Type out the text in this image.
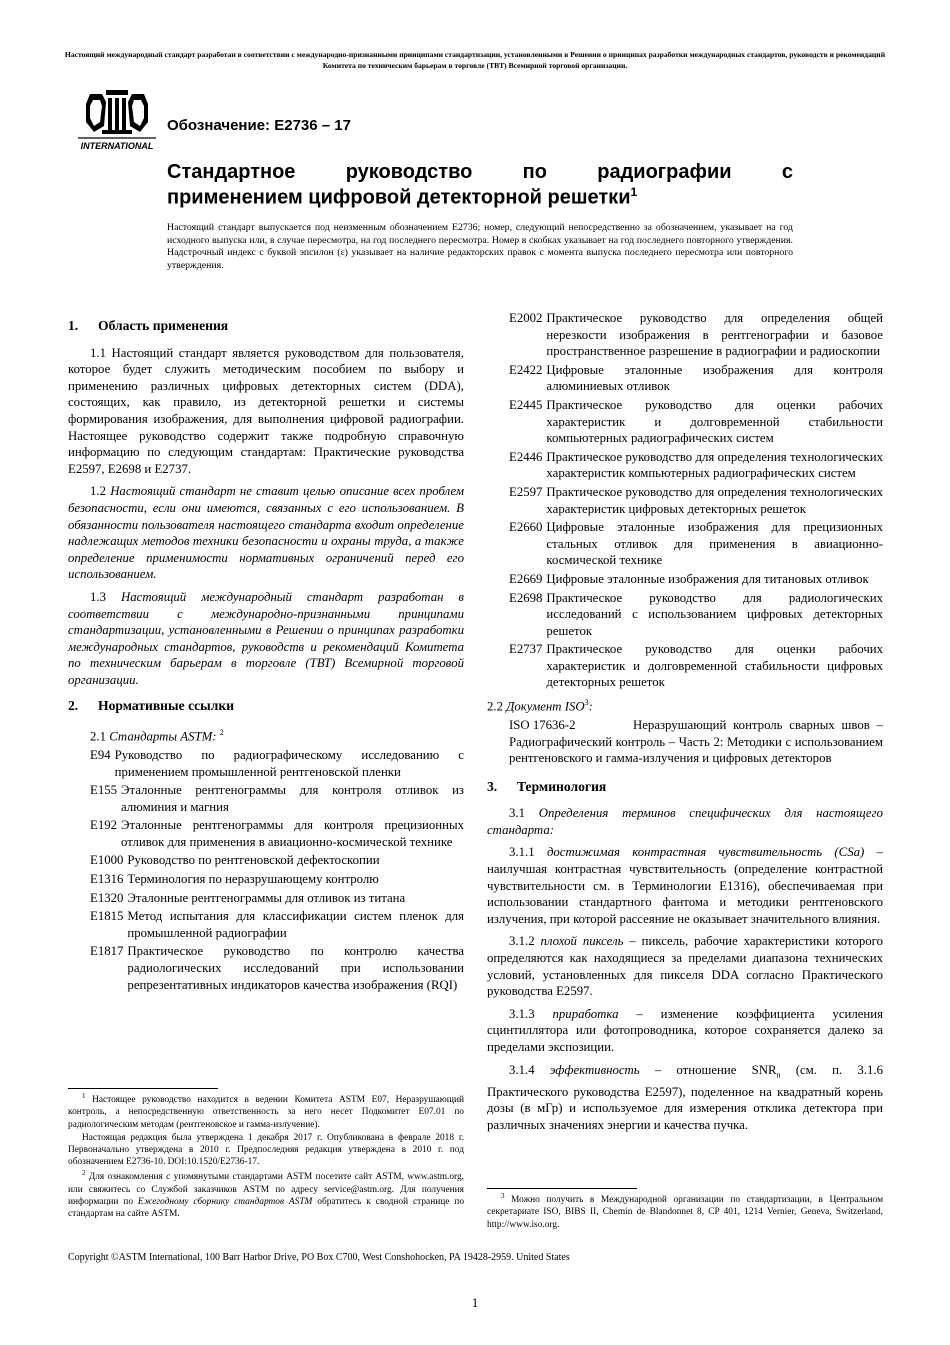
Настоящий международный стандарт разработан в соответствии с международно-признанными принципами стандартизации, установленными в Решении о принципах разработки международных стандартов, руководств и рекомендаций Комитета по техническим барьерам в торговле (ТВТ) Всемирной торговой организации.
INTERNATIONAL
Обозначение: E2736 – 17
Стандартное руководство по радиографии с
применением цифровой детекторной решетки$^1$
Настоящий стандарт выпускается под неизменным обозначением E2736; номер, следующий непосредственно за обозначением, указывает на год исходного выпуска или, в случае пересмотра, на год последнего пересмотра. Номер в скобках указывает на год последнего повторного утверждения. Надстрочный индекс с буквой эпсилон (ε) указывает на наличие редакторских правок с момента выпуска последнего пересмотра или повторного утверждения.
1. Область применения

1.1 Настоящий стандарт является руководством для пользователя, которое будет служить методическим пособием по выбору и применению различных цифровых детекторных систем (DDA), состоящих, как правило, из детекторной решетки и системы формирования изображения, для выполнения цифровой радиографии. Настоящее руководство содержит также подробную справочную информацию по следующим стандартам: Практические руководства E2597, E2698 и E2737.

1.2 Настоящий стандарт не ставит целью описание всех проблем безопасности, если они имеются, связанных с его использованием. В обязанности пользователя настоящего стандарта входит определение надлежащих методов техники безопасности и охраны труда, а также определение применимости нормативных ограничений перед его использованием.

1.3 Настоящий международный стандарт разработан в соответствии с международно-признанными принципами стандартизации, установленными в Решении о принципах разработки международных стандартов, руководств и рекомендаций Комитета по техническим барьерам в торговле (ТВТ) Всемирной торговой организации.

2. Нормативные ссылки
2.1 Стандарты ASTM: $^2$
E94 Руководство по радиографическому исследованию с применением промышленной рентгеновской пленки
E155 Эталонные рентгенограммы для контроля отливок из алюминия и магния
E192 Эталонные рентгенограммы для контроля прецизионных отливок для применения в авиационно-космической технике
E1000 Руководство по рентгеновской дефектоскопии
E1316 Терминология по неразрушающему контролю
E1320 Эталонные рентгенограммы для отливок из титана
E1815 Метод испытания для классификации систем пленок для промышленной радиографии
E1817 Практическое руководство по контролю качества радиологических исследований при использовании репрезентативных индикаторов качества изображения (RQI)
E2002 Практическое руководство для определения общей нерезкости изображения в рентгенографии и базовое пространственное разрешение в радиографии и радиоскопии
E2422 Цифровые эталонные изображения для контроля алюминиевых отливок
E2445 Практическое руководство для оценки рабочих характеристик и долговременной стабильности компьютерных радиографических систем
E2446 Практическое руководство для определения технологических характеристик компьютерных радиографических систем
E2597 Практическое руководство для определения технологических характеристик цифровых детекторных решеток
E2660 Цифровые эталонные изображения для прецизионных стальных отливок для применения в авиационно-космической технике
E2669 Цифровые эталонные изображения для титановых отливок
E2698 Практическое руководство для радиологических исследований с использованием цифровых детекторных решеток
E2737 Практическое руководство для оценки рабочих характеристик и долговременной стабильности цифровых детекторных решеток
2.2 Документ ISO$^3$:
ISO 17636-2	Неразрушающий контроль сварных швов – Радиографический контроль – Часть 2: Методики с использованием рентгеновского и гамма-излучения и цифровых детекторов
3. Терминология

3.1 Определения терминов специфических для настоящего стандарта:

3.1.1 достижимая контрастная чувствительность (CSa) – наилучшая контрастная чувствительность (определение контрастной чувствительности см. в Терминологии E1316), обеспечиваемая при использовании стандартного фантома и методики рентгеновского излучения, при которой рассеяние не оказывает значительного влияния.

3.1.2 плохой пиксель – пиксель, рабочие характеристики которого определяются как находящиеся за пределами диапазона технических условий, установленных для пикселя DDA согласно Практического руководства E2597.

3.1.3 приработка – изменение коэффициента усиления сцинтиллятора или фотопроводника, которое сохраняется далеко за пределами экспозиции.

3.1.4 эффективность – отношение $SNR_n$ (см. п. 3.1.6 Практического руководства E2597), поделенное на квадратный корень дозы (в мГр) и используемое для измерения отклика детектора при различных значениях энергии и качества пучка.

$^1$ Настоящее руководство находится в ведении Комитета ASTM E07, Неразрушающий контроль, а непосредственную ответственность за него несет Подкомитет E07.01 по радиологическим методам (рентгеновское и гамма-излучение).

Настоящая редакция была утверждена 1 декабря 2017 г. Опубликована в феврале 2018 г. Первоначально утверждена в 2010 г. Предпоследняя редакция утверждена в 2010 г. под обозначением E2736-10. DOI:10.1520/E2736-17.

$^2$ Для ознакомления с упомянутыми стандартами ASTM посетите сайт ASTM, www.astm.org, или свяжитесь со Службой заказчиков ASTM по адресу service@astm.org. Для получения информации по Ежегодному сборнику стандартов ASTM обратитесь к сводной странице по стандартам на сайте ASTM.

$^3$ Можно получить в Международной организации по стандартизации, в Центральном секретариате ISO, BIBS II, Chemin de Blandonnet 8, CP 401, 1214 Vernier, Geneva, Switzerland, http://www.iso.org.

Copyright ©ASTM International, 100 Barr Harbor Drive, PO Box C700, West Conshohocken, PA 19428-2959. United States
1
